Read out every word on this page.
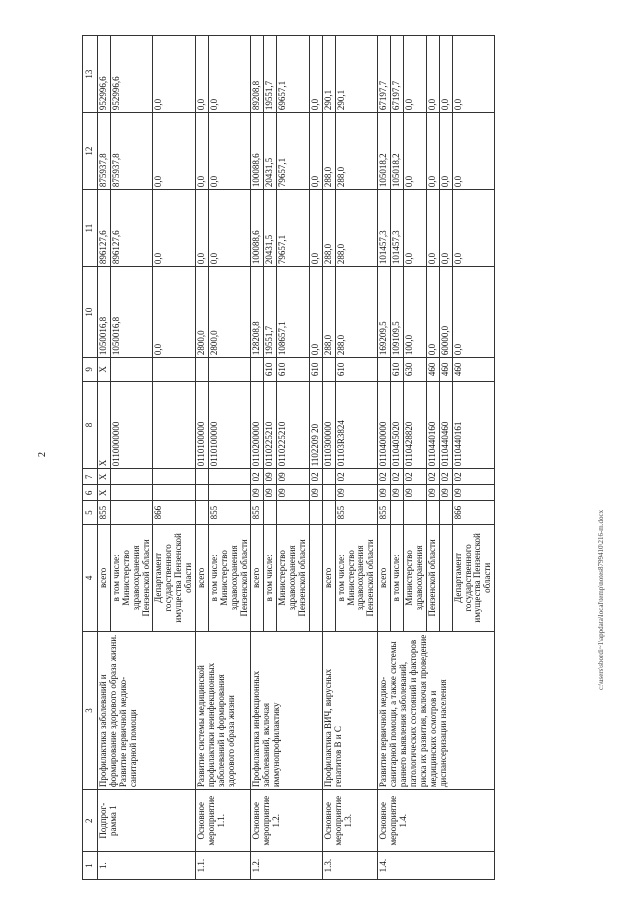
2
1	2	3	4	5	6	7	8	9	10	11	12	13
1.	Подпрог-рамма 1	Профилактика заболеваний и формирование здорового образа жизни. Развитие первичной медико-санитарной помощи	всего	855	X	X	X	X	1050016,8	896127,6	875937,8	952996,6
			в том числе: Министерство здравоохранения Пензенской области				0110000000		1050016,8	896127,6	875937,8	952996,6
			Департамент государственного имущества Пензенской области	866					0,0	0,0	0,0	0,0
1.1.	Основное мероприятие 1.1.	Развитие системы медицинской профилактики неинфекционных заболеваний и формирования здорового образа жизни	всего				0110100000		2800,0	0,0	0,0	0,0
			в том числе: Министерство здравоохранения Пензенской области	855			0110100000		2800,0	0,0	0,0	0,0
1.2.	Основное мероприятие 1.2.	Профилактика инфекционных заболеваний, включая иммунопрофилактику	всего	855	09	02	0110200000		128208,8	100088,6	100088,6	89208,8
			в том числе:		09	09	0110225210	610	19551,7	20431,5	20431,5	19551,7
			Министерство здравоохранения Пензенской области		09	09	0110225210	610	108657,1	79657,1	79657,1	69657,1
					09	02	1102209 20	610	0,0	0,0	0,0	0,0
1.3.	Основное мероприятие 1.3.	Профилактика ВИЧ, вирусных гепатитов В и С	всего				0110300000		288,0	288,0	288,0	290,1
			в том числе: Министерство здравоохранения Пензенской области	855	09	02	01103R3824	610	288,0	288,0	288,0	290,1
1.4.	Основное мероприятие 1.4.	Развитие первичной медико-санитарной помощи, а также системы раннего выявления заболеваний, патологических состояний и факторов риска их развития, включая проведение медицинских осмотров и диспансеризации населения	всего	855	09	02	0110400000		169209,5	101457,3	105018,2	67197,7
			в том числе:		09	02	0110405020	610	109109,5	101457,3	105018,2	67197,7
			Министерство здравоохранения		09	02	0110428820	630	100,0	0,0	0,0	0,0
			Пензенской области		09	02	0110440160	460	0,0	0,0	0,0	0,0
					09	02	0110440460	460	60000,0	0,0	0,0	0,0
			Департамент государственного имущества Пензенской области	866	09	02	0110440161	460	0,0	0,0	0,0	0,0
c:\users\sbordi~1\appdata\local\temp\notes8799410\216-m.docx
